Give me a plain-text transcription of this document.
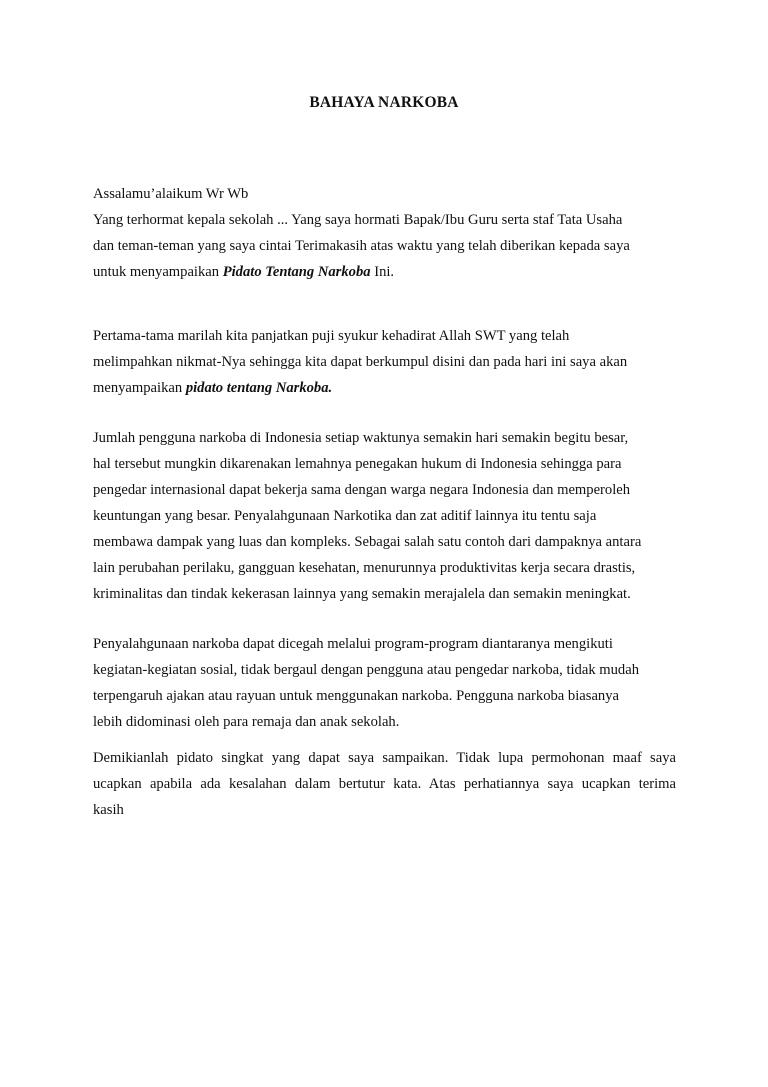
BAHAYA NARKOBA
Assalamu’alaikum Wr Wb
Yang terhormat kepala sekolah ... Yang saya hormati Bapak/Ibu Guru serta staf Tata Usaha
dan teman-teman yang saya cintai Terimakasih atas waktu yang telah diberikan kepada saya
untuk menyampaikan Pidato Tentang Narkoba Ini.
Pertama-tama marilah kita panjatkan puji syukur kehadirat Allah SWT yang telah
melimpahkan nikmat-Nya sehingga kita dapat berkumpul disini dan pada hari ini saya akan
menyampaikan pidato tentang Narkoba.
Jumlah pengguna narkoba di Indonesia setiap waktunya semakin hari semakin begitu besar,
hal tersebut mungkin dikarenakan lemahnya penegakan hukum di Indonesia sehingga para
pengedar internasional dapat bekerja sama dengan warga negara Indonesia dan memperoleh
keuntungan yang besar. Penyalahgunaan Narkotika dan zat aditif lainnya itu tentu saja
membawa dampak yang luas dan kompleks. Sebagai salah satu contoh dari dampaknya antara
lain perubahan perilaku, gangguan kesehatan, menurunnya produktivitas kerja secara drastis,
kriminalitas dan tindak kekerasan lainnya yang semakin merajalela dan semakin meningkat.
Penyalahgunaan narkoba dapat dicegah melalui program-program diantaranya mengikuti
kegiatan-kegiatan sosial, tidak bergaul dengan pengguna atau pengedar narkoba, tidak mudah
terpengaruh ajakan atau rayuan untuk menggunakan narkoba. Pengguna narkoba biasanya
lebih didominasi oleh para remaja dan anak sekolah.
Demikianlah pidato singkat yang dapat saya sampaikan. Tidak lupa permohonan maaf saya
ucapkan apabila ada kesalahan dalam bertutur kata. Atas perhatiannya saya ucapkan terima
kasih
